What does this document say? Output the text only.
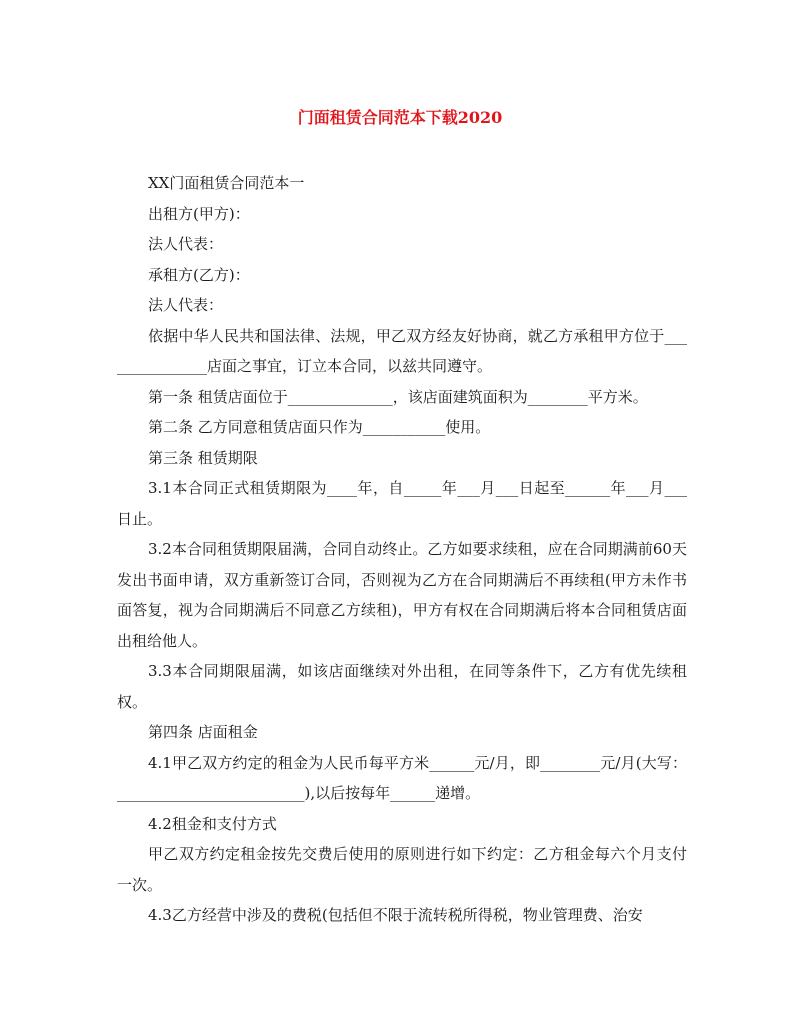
门面租赁合同范本下载2020

XX门面租赁合同范本一

出租方(甲方)：

法人代表：

承租方(乙方)：

法人代表：

依据中华人民共和国法律、法规，甲乙双方经友好协商，就乙方承租甲方位于_______________店面之事宜，订立本合同，以兹共同遵守。

第一条 租赁店面位于______________，该店面建筑面积为________平方米。

第二条 乙方同意租赁店面只作为___________使用。

第三条 租赁期限

3.1本合同正式租赁期限为____年，自_____年___月___日起至______年___月___日止。

3.2本合同租赁期限届满，合同自动终止。乙方如要求续租，应在合同期满前60天发出书面申请，双方重新签订合同，否则视为乙方在合同期满后不再续租(甲方未作书面答复，视为合同期满后不同意乙方续租)，甲方有权在合同期满后将本合同租赁店面出租给他人。

3.3本合同期限届满，如该店面继续对外出租，在同等条件下，乙方有优先续租权。

第四条 店面租金

4.1甲乙双方约定的租金为人民币每平方米______元/月，即________元/月(大写：_________________________),以后按每年______递增。

4.2租金和支付方式

甲乙双方约定租金按先交费后使用的原则进行如下约定：乙方租金每六个月支付一次。

4.3乙方经营中涉及的费税(包括但不限于流转税所得税，物业管理费、治安
